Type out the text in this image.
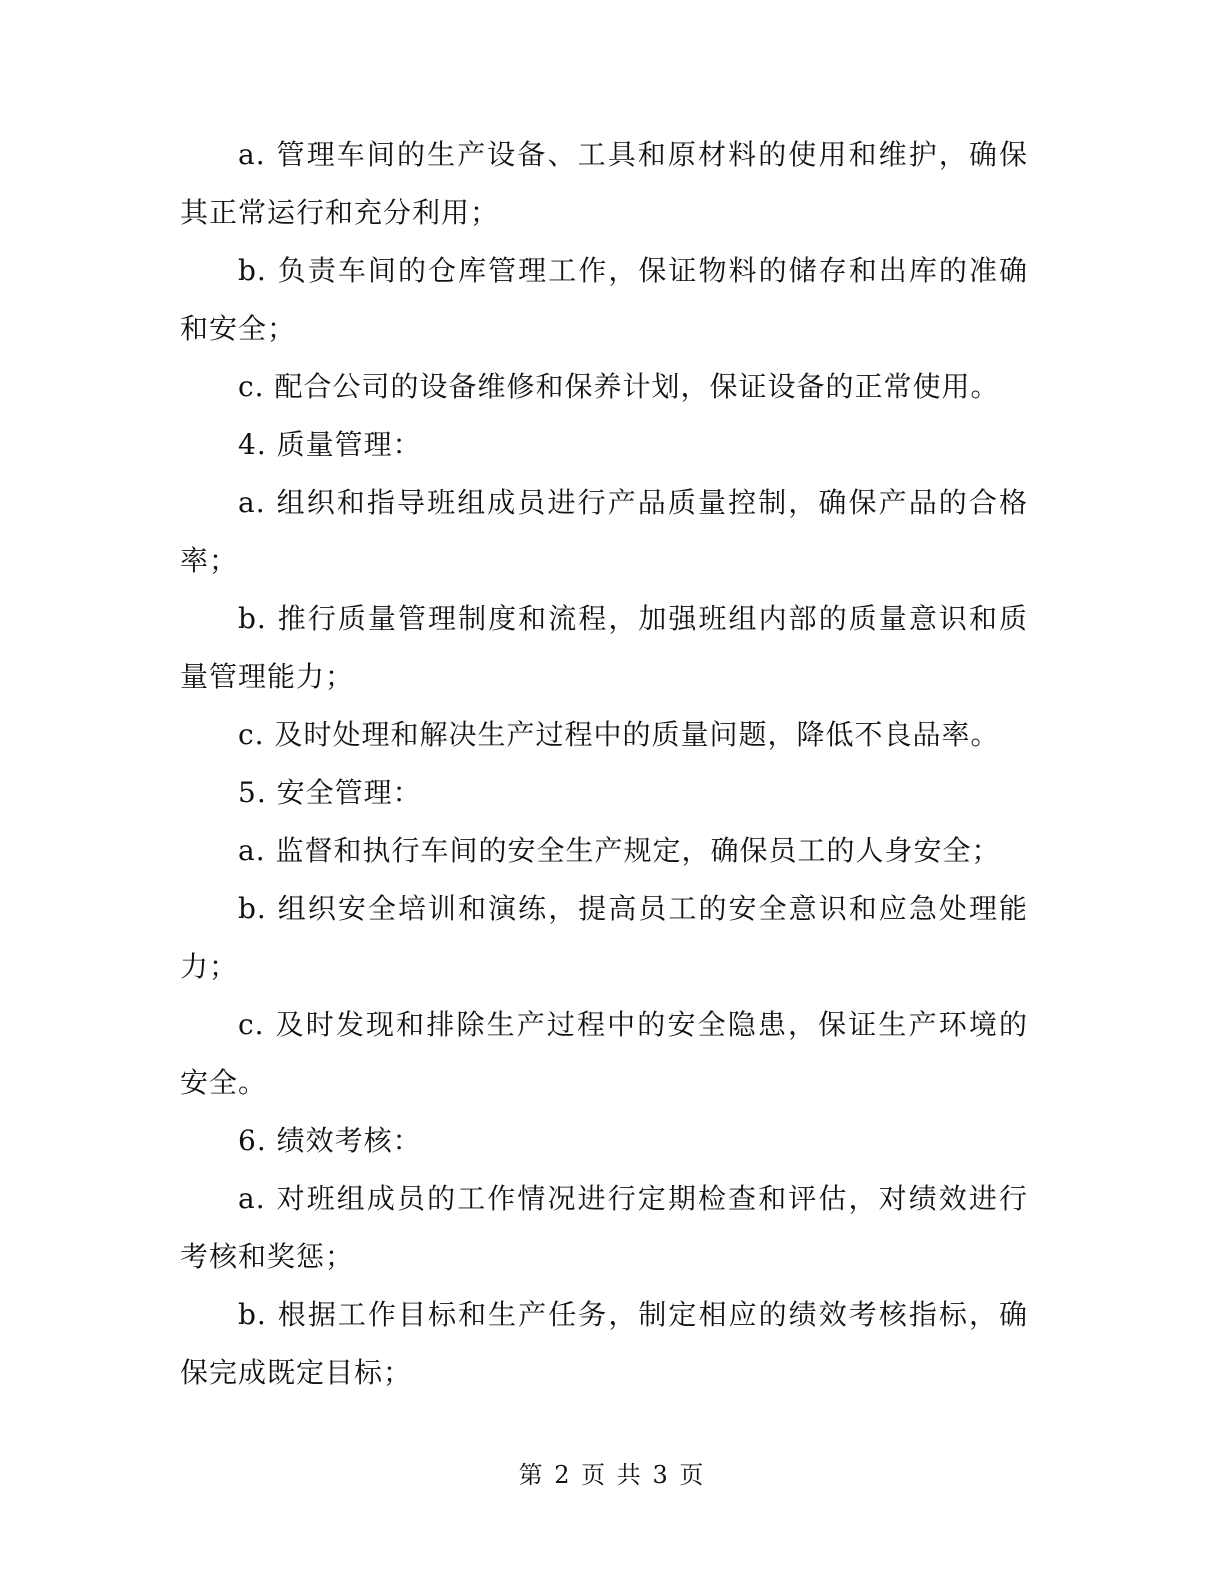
a. 管理车间的生产设备、工具和原材料的使用和维护，确保其正常运行和充分利用；

b. 负责车间的仓库管理工作，保证物料的储存和出库的准确和安全；

c. 配合公司的设备维修和保养计划，保证设备的正常使用。

4. 质量管理：

a. 组织和指导班组成员进行产品质量控制，确保产品的合格率；

b. 推行质量管理制度和流程，加强班组内部的质量意识和质量管理能力；

c. 及时处理和解决生产过程中的质量问题，降低不良品率。

5. 安全管理：

a. 监督和执行车间的安全生产规定，确保员工的人身安全；

b. 组织安全培训和演练，提高员工的安全意识和应急处理能力；

c. 及时发现和排除生产过程中的安全隐患，保证生产环境的安全。

6. 绩效考核：

a. 对班组成员的工作情况进行定期检查和评估，对绩效进行考核和奖惩；

b. 根据工作目标和生产任务，制定相应的绩效考核指标，确保完成既定目标；

第 2 页 共 3 页
